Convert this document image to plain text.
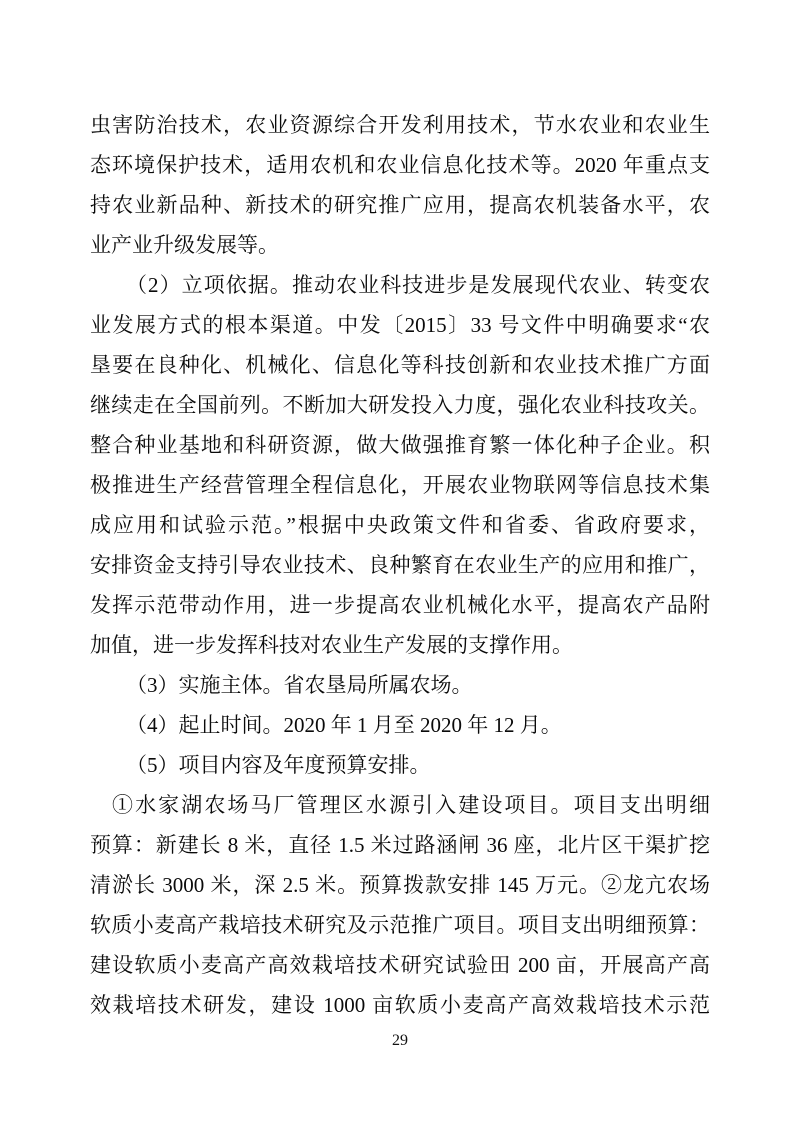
虫害防治技术，农业资源综合开发利用技术，节水农业和农业生
态环境保护技术，适用农机和农业信息化技术等。2020 年重点支
持农业新品种、新技术的研究推广应用，提高农机装备水平，农
业产业升级发展等。
（2）立项依据。推动农业科技进步是发展现代农业、转变农
业发展方式的根本渠道。中发〔2015〕33 号文件中明确要求“农
垦要在良种化、机械化、信息化等科技创新和农业技术推广方面
继续走在全国前列。不断加大研发投入力度，强化农业科技攻关。
整合种业基地和科研资源，做大做强推育繁一体化种子企业。积
极推进生产经营管理全程信息化，开展农业物联网等信息技术集
成应用和试验示范。”根据中央政策文件和省委、省政府要求，
安排资金支持引导农业技术、良种繁育在农业生产的应用和推广，
发挥示范带动作用，进一步提高农业机械化水平，提高农产品附
加值，进一步发挥科技对农业生产发展的支撑作用。
（3）实施主体。省农垦局所属农场。
（4）起止时间。2020 年 1 月至 2020 年 12 月。
（5）项目内容及年度预算安排。
①水家湖农场马厂管理区水源引入建设项目。项目支出明细
预算：新建长 8 米，直径 1.5 米过路涵闸 36 座，北片区干渠扩挖
清淤长 3000 米，深 2.5 米。预算拨款安排 145 万元。②龙亢农场
软质小麦高产栽培技术研究及示范推广项目。项目支出明细预算：
建设软质小麦高产高效栽培技术研究试验田 200 亩，开展高产高
效栽培技术研发，建设 1000 亩软质小麦高产高效栽培技术示范
29
